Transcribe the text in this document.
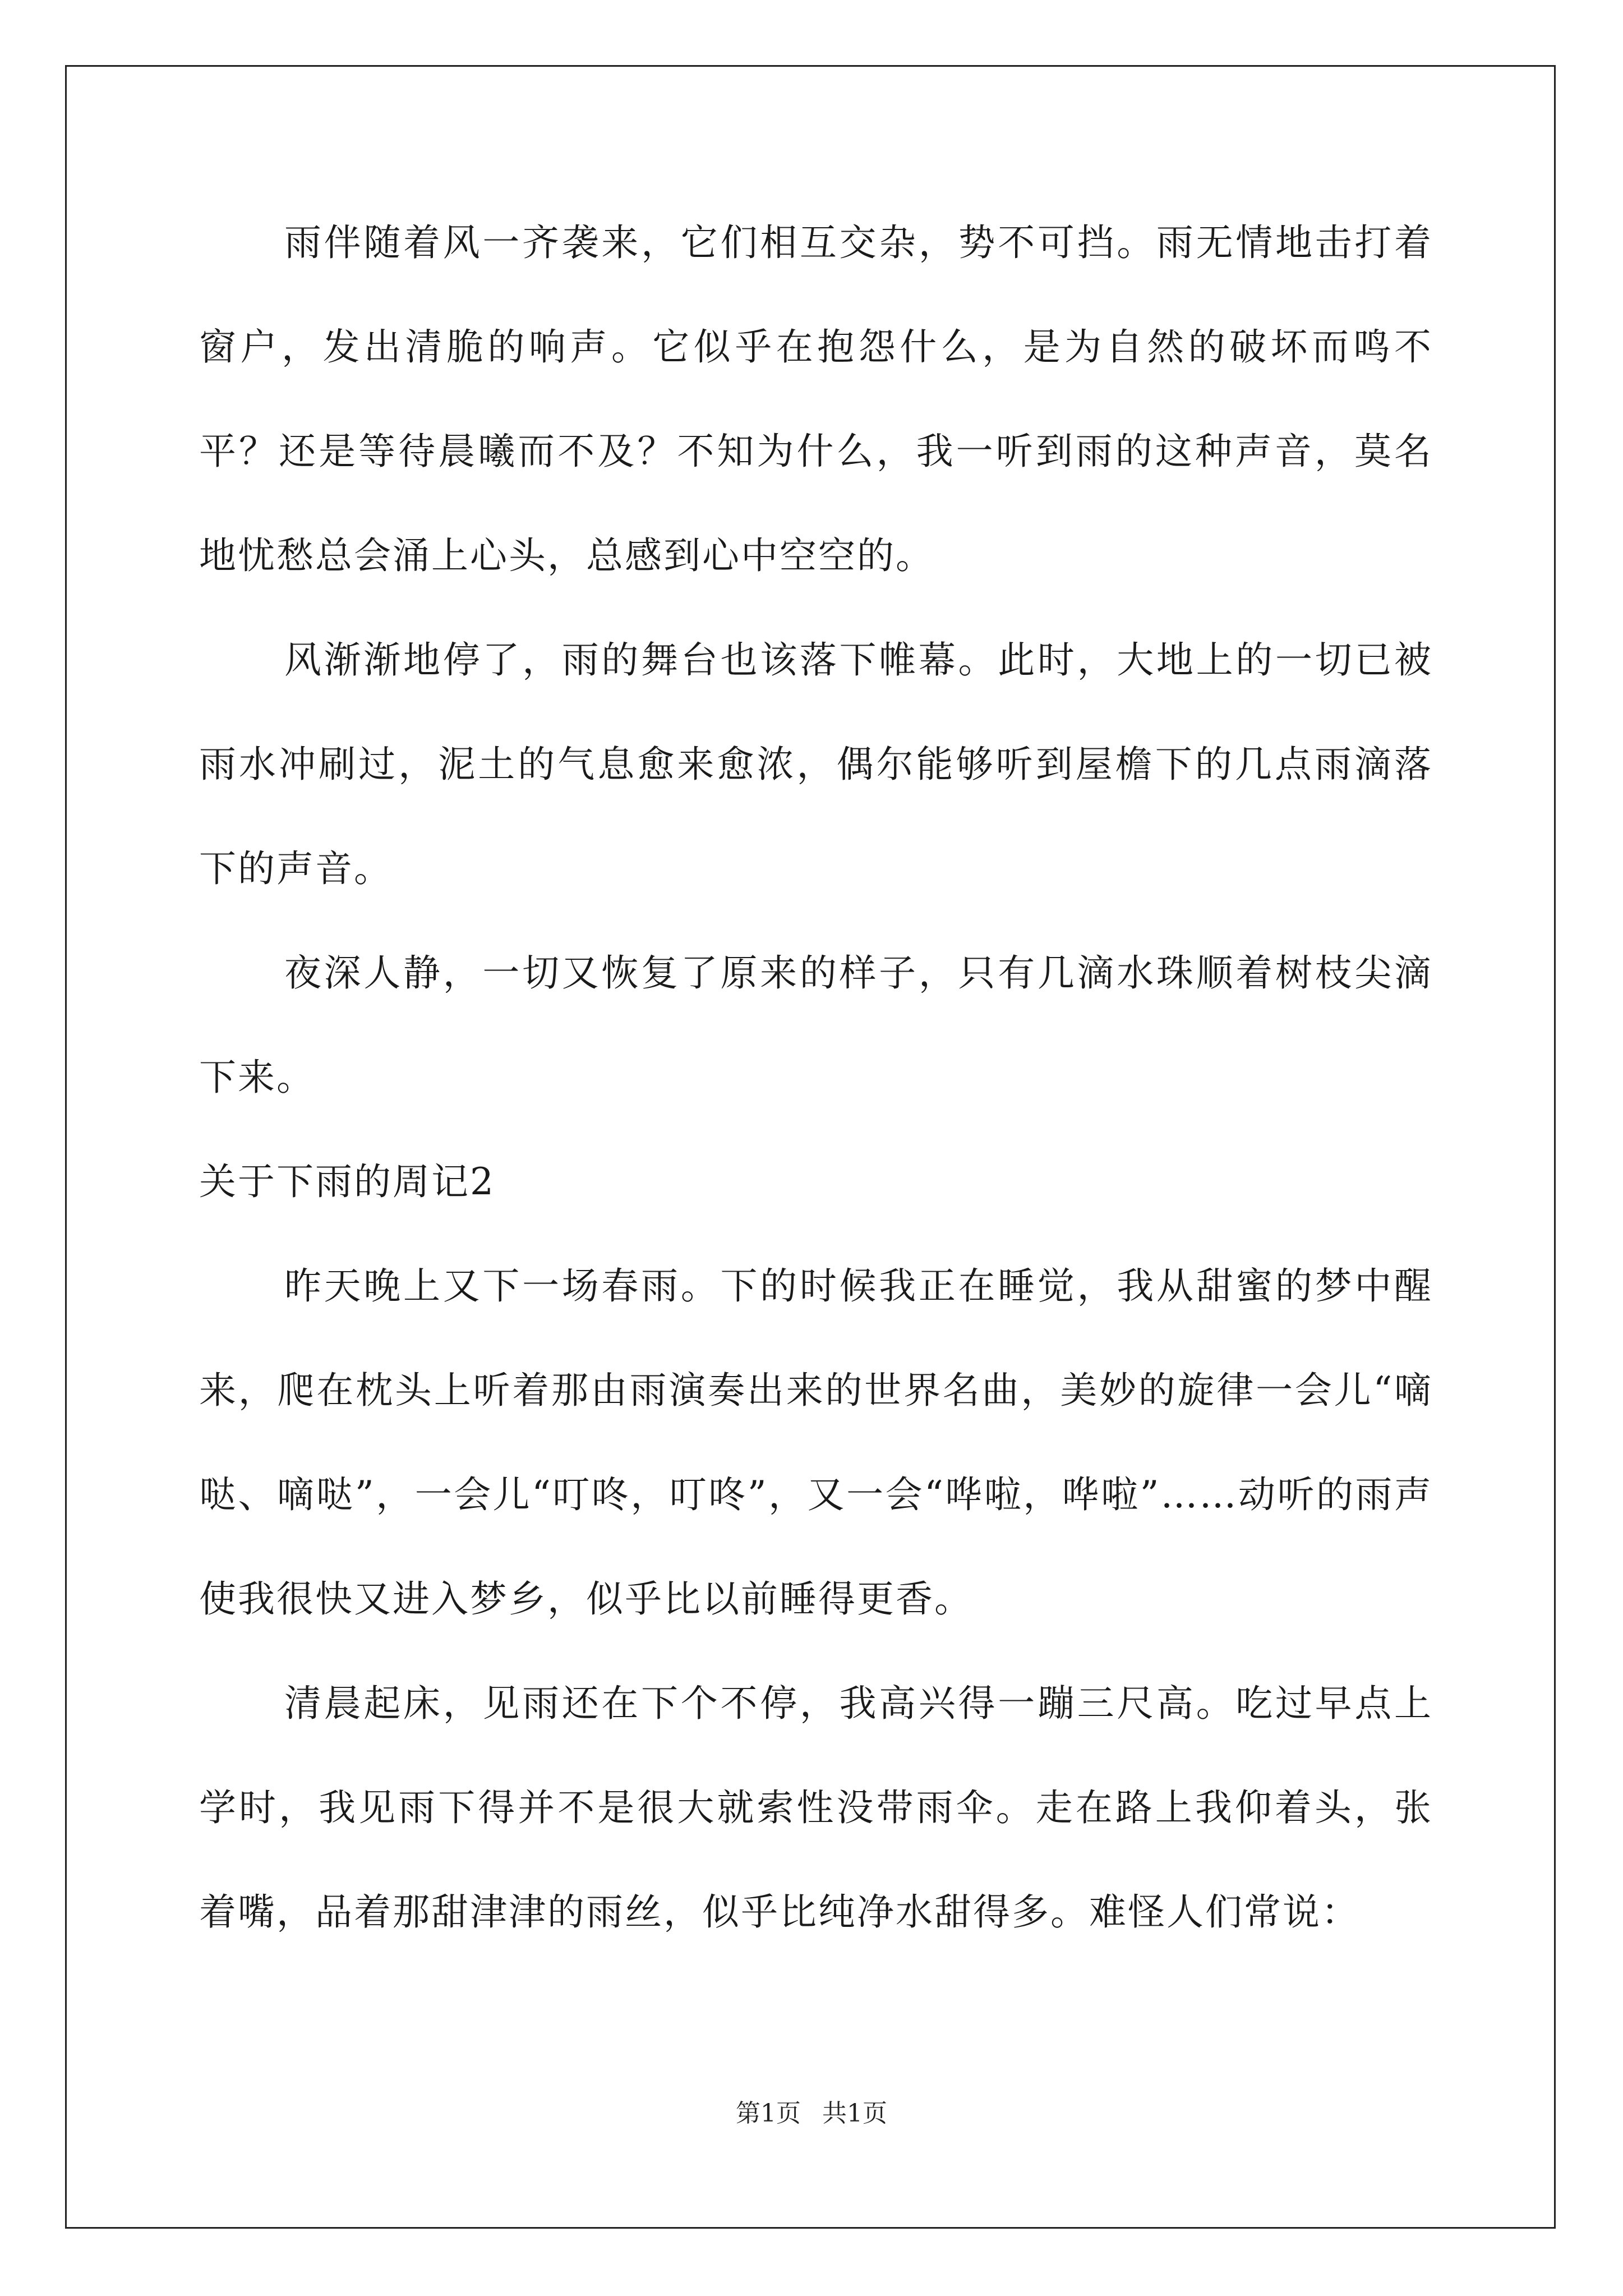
雨伴随着风一齐袭来，它们相互交杂，势不可挡。雨无情地击打着窗户，发出清脆的响声。它似乎在抱怨什么，是为自然的破坏而鸣不平？还是等待晨曦而不及？不知为什么，我一听到雨的这种声音，莫名地忧愁总会涌上心头，总感到心中空空的。

风渐渐地停了，雨的舞台也该落下帷幕。此时，大地上的一切已被雨水冲刷过，泥土的气息愈来愈浓，偶尔能够听到屋檐下的几点雨滴落下的声音。

夜深人静，一切又恢复了原来的样子，只有几滴水珠顺着树枝尖滴下来。

关于下雨的周记2

昨天晚上又下一场春雨。下的时候我正在睡觉，我从甜蜜的梦中醒来，爬在枕头上听着那由雨演奏出来的世界名曲，美妙的旋律一会儿“嘀哒、嘀哒”，一会儿“叮咚，叮咚”，又一会“哗啦，哗啦”……动听的雨声使我很快又进入梦乡，似乎比以前睡得更香。

清晨起床，见雨还在下个不停，我高兴得一蹦三尺高。吃过早点上学时，我见雨下得并不是很大就索性没带雨伞。走在路上我仰着头，张着嘴，品着那甜津津的雨丝，似乎比纯净水甜得多。难怪人们常说：

第1页 共1页
